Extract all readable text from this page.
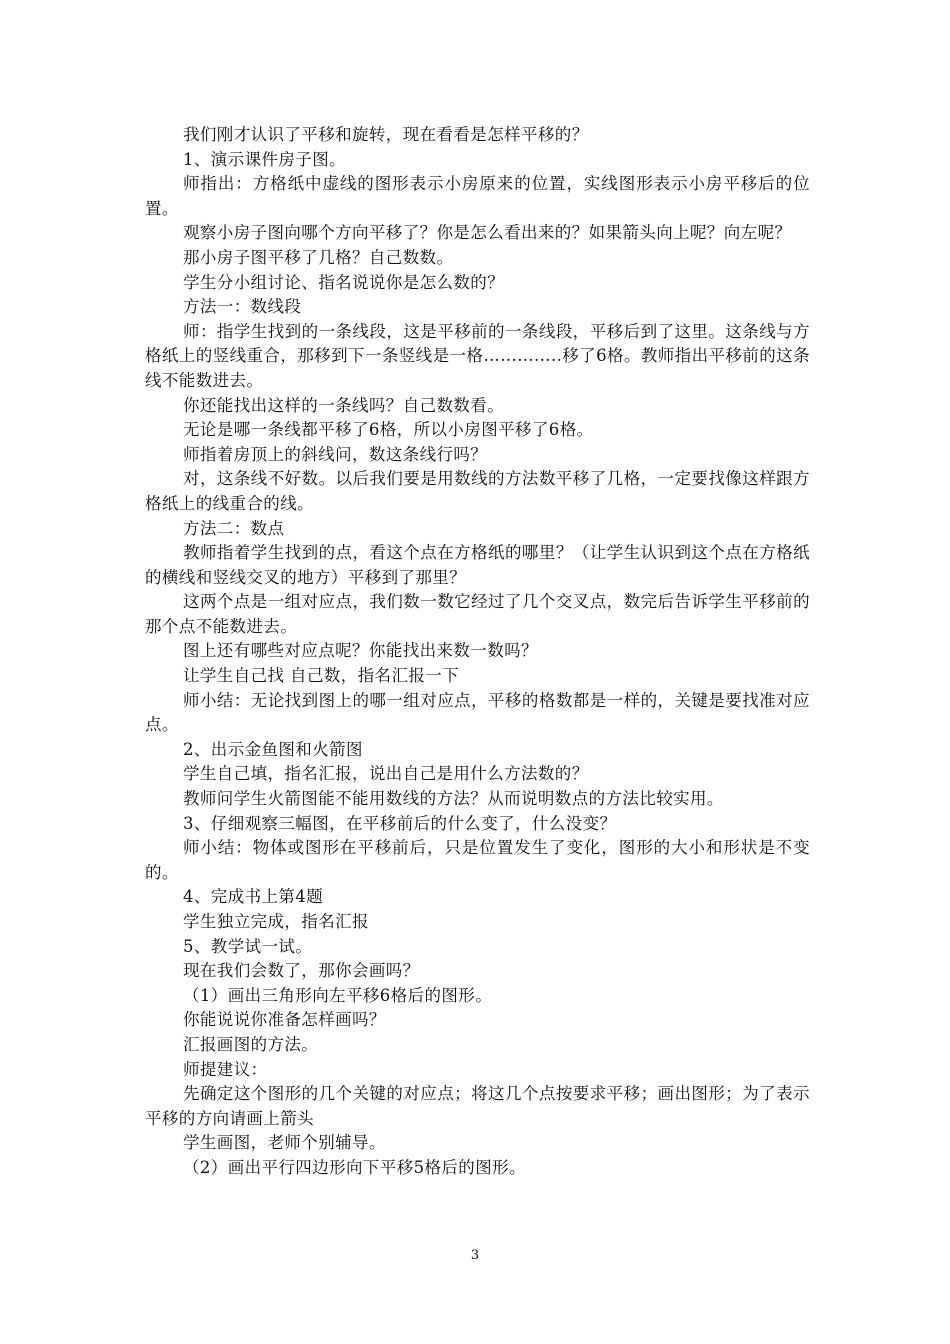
我们刚才认识了平移和旋转，现在看看是怎样平移的？

1、演示课件房子图。

师指出：方格纸中虚线的图形表示小房原来的位置，实线图形表示小房平移后的位置。

观察小房子图向哪个方向平移了？你是怎么看出来的？如果箭头向上呢？向左呢？

那小房子图平移了几格？自己数数。

学生分小组讨论、指名说说你是怎么数的？

方法一：数线段

师：指学生找到的一条线段，这是平移前的一条线段，平移后到了这里。这条线与方格纸上的竖线重合，那移到下一条竖线是一格…………..移了6格。教师指出平移前的这条线不能数进去。

你还能找出这样的一条线吗？自己数数看。

无论是哪一条线都平移了6格，所以小房图平移了6格。

师指着房顶上的斜线问，数这条线行吗？

对，这条线不好数。以后我们要是用数线的方法数平移了几格，一定要找像这样跟方格纸上的线重合的线。

方法二：数点

教师指着学生找到的点，看这个点在方格纸的哪里？（让学生认识到这个点在方格纸的横线和竖线交叉的地方）平移到了那里？

这两个点是一组对应点，我们数一数它经过了几个交叉点，数完后告诉学生平移前的那个点不能数进去。

图上还有哪些对应点呢？你能找出来数一数吗？

让学生自己找 自己数，指名汇报一下

师小结：无论找到图上的哪一组对应点，平移的格数都是一样的，关键是要找准对应点。

2、出示金鱼图和火箭图

学生自己填，指名汇报，说出自己是用什么方法数的？

教师问学生火箭图能不能用数线的方法？从而说明数点的方法比较实用。

3、仔细观察三幅图，在平移前后的什么变了，什么没变？

师小结：物体或图形在平移前后，只是位置发生了变化，图形的大小和形状是不变的。

4、完成书上第4题

学生独立完成，指名汇报

5、教学试一试。

现在我们会数了，那你会画吗？

（1）画出三角形向左平移6格后的图形。

你能说说你准备怎样画吗？

汇报画图的方法。

师提建议：

先确定这个图形的几个关键的对应点；将这几个点按要求平移；画出图形；为了表示平移的方向请画上箭头

学生画图，老师个别辅导。

（2）画出平行四边形向下平移5格后的图形。

3
